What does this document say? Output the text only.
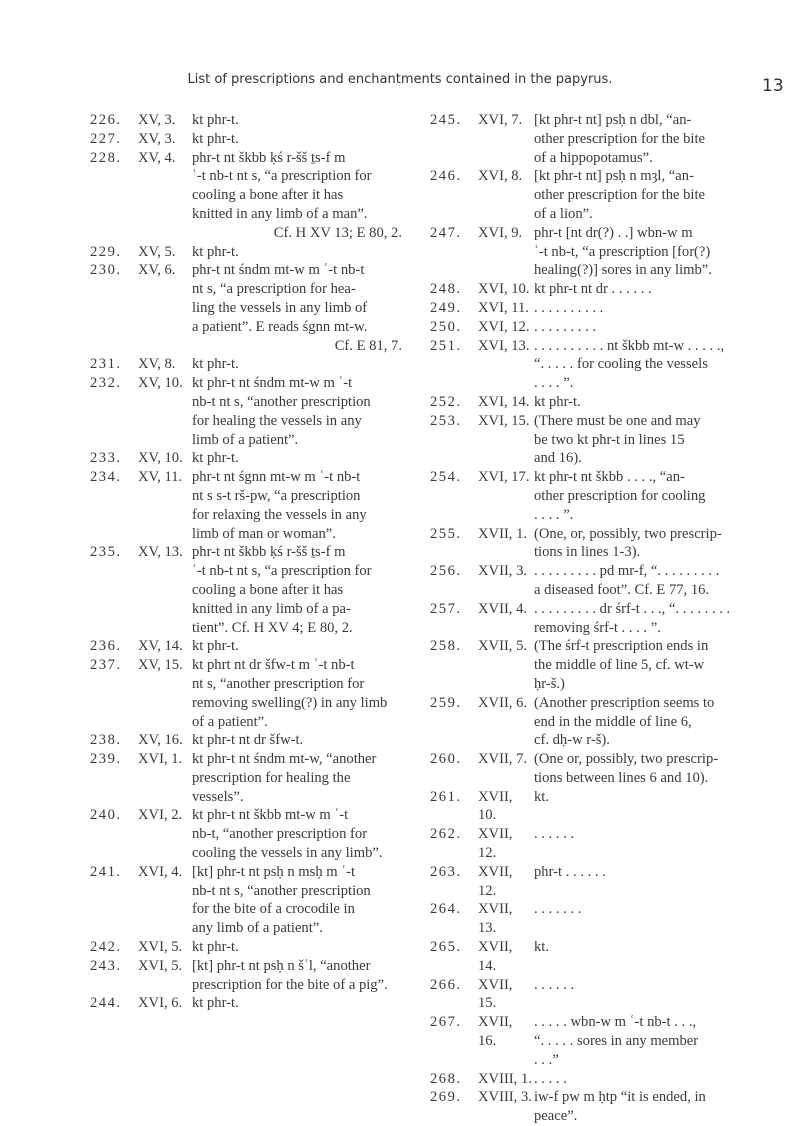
List of prescriptions and enchantments contained in the papyrus.	13
226.	XV, 3.	kt phr-t.
227.	XV, 3.	kt phr-t.
228.	XV, 4.	phr-t nt škbb ḳś r-šš ṯs-f m
ʿ-t nb-t nt s, “a prescription for
cooling a bone after it has
knitted in any limb of a man”.
Cf. H XV 13; E 80, 2.
229.	XV, 5.	kt phr-t.
230.	XV, 6.	phr-t nt śndm mt-w m ʿ-t nb-t
nt s, “a prescription for hea-
ling the vessels in any limb of
a patient”. E reads śgnn mt-w.
Cf. E 81, 7.
231.	XV, 8.	kt phr-t.
232.	XV, 10. kt phr-t nt śndm mt-w m ʿ-t
nb-t nt s, “another prescription
for healing the vessels in any
limb of a patient”.
233.	XV, 10. kt phr-t.
234.	XV, 11. phr-t nt śgnn mt-w m ʿ-t nb-t
nt s s-t rš-pw, “a prescription
for relaxing the vessels in any
limb of man or woman”.
235.	XV, 13. phr-t nt škbb ḳś r-šš ṯs-f m
ʿ-t nb-t nt s, “a prescription for
cooling a bone after it has
knitted in any limb of a pa-
tient”. Cf. H XV 4; E 80, 2.
236.	XV, 14. kt phr-t.
237.	XV, 15. kt phrt nt dr šfw-t m ʿ-t nb-t
nt s, “another prescription for
removing swelling(?) in any limb
of a patient”.
238.	XV, 16. kt phr-t nt dr šfw-t.
239.	XVI, 1. kt phr-t nt śndm mt-w, “another
prescription for healing the
vessels”.
240.	XVI, 2. kt phr-t nt škbb mt-w m ʿ-t
nb-t, “another prescription for
cooling the vessels in any limb”.
241.	XVI, 4. [kt] phr-t nt psḥ n msḥ m ʿ-t
nb-t nt s, “another prescription
for the bite of a crocodile in
any limb of a patient”.
242.	XVI, 5. kt phr-t.
243.	XVI, 5. [kt] phr-t nt psḥ n šʿl, “another
prescription for the bite of a pig”.
244.	XVI, 6. kt phr-t.
245.	XVI, 7. [kt phr-t nt] psḥ n dbl, “an-
other prescription for the bite
of a hippopotamus”.
246.	XVI, 8. [kt phr-t nt] psḥ n mȝl, “an-
other prescription for the bite
of a lion”.
247.	XVI, 9. phr-t [nt dr(?) . .] wbn-w m
ʿ-t nb-t, “a prescription [for(?)
healing(?)] sores in any limb”.
248.	XVI, 10. kt phr-t nt dr . . . . . .
249.	XVI, 11. . . . . . . . . . .
250.	XVI, 12. . . . . . . . . .
251.	XVI, 13. . . . . . . . . . . nt škbb mt-w . . . . .,
“. . . . . for cooling the vessels
. . . . ”.
252.	XVI, 14. kt phr-t.
253.	XVI, 15. (There must be one and may
be two kt phr-t in lines 15
and 16).
254.	XVI, 17. kt phr-t nt škbb . . . ., “an-
other prescription for cooling
. . . . ”.
255.	XVII, 1. (One, or, possibly, two prescrip-
tions in lines 1-3).
256.	XVII, 3. . . . . . . . . . pd mr-f, “. . . . . . . . .
a diseased foot”. Cf. E 77, 16.
257.	XVII, 4. . . . . . . . . . dr śrf-t . . ., “. . . . . . . .
removing śrf-t . . . . ”.
258.	XVII, 5. (The śrf-t prescription ends in
the middle of line 5, cf. wt-w
ḥr-š.)
259.	XVII, 6. (Another prescription seems to
end in the middle of line 6,
cf. dḥ-w r-š).
260.	XVII, 7. (One or, possibly, two prescrip-
tions between lines 6 and 10).
261.	XVII, 10.
kt.
262.	XVII, 12.
. . . . . .
263.	XVII, 12.
phr-t . . . . . .
264.	XVII, 13.
. . . . . . .
265.	XVII, 14.
kt.
266.	XVII, 15.
. . . . . .
267.	XVII, 16.
. . . . . wbn-w m ʿ-t nb-t . . .,
“. . . . . sores in any member
. . .”
268.	XVIII, 1. . . . . .
269.	XVIII, 3. iw-f pw m ḥtp “it is ended, in
peace”.
